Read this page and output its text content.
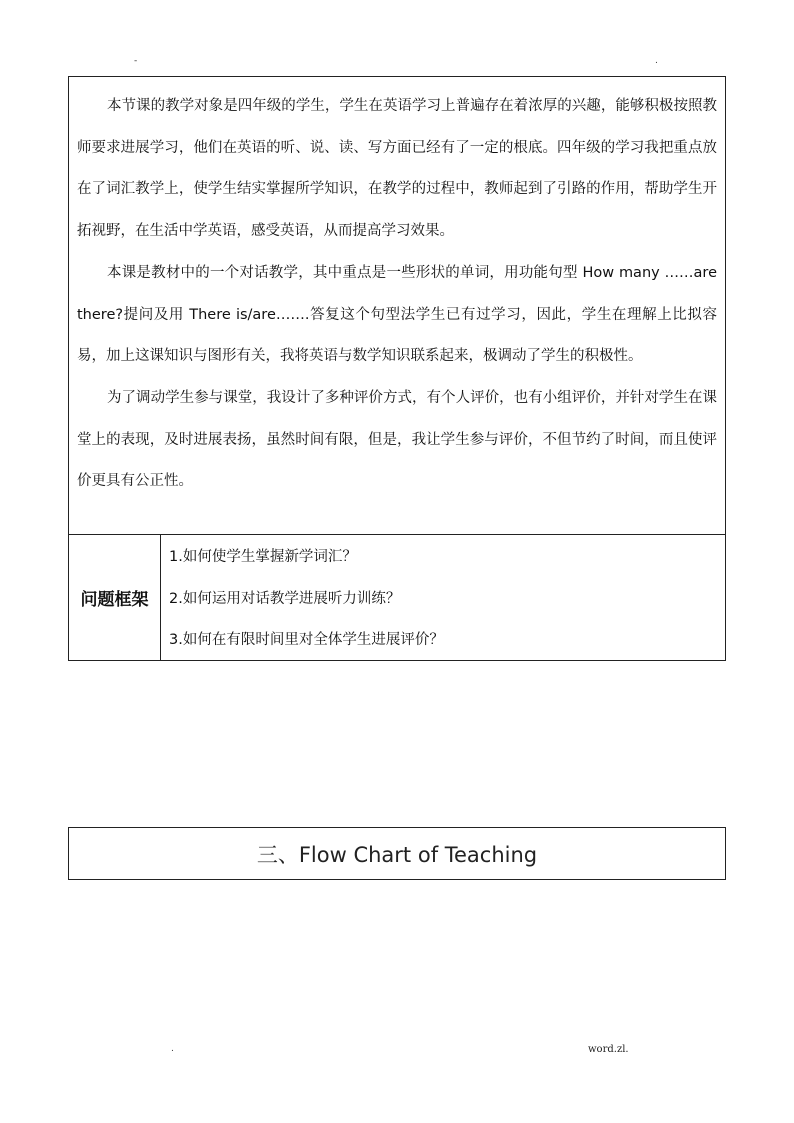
-	.

本节课的教学对象是四年级的学生，学生在英语学习上普遍存在着浓厚的兴趣，能够积极按照教师要求进展学习，他们在英语的听、说、读、写方面已经有了一定的根底。四年级的学习我把重点放在了词汇教学上，使学生结实掌握所学知识，在教学的过程中，教师起到了引路的作用，帮助学生开拓视野，在生活中学英语，感受英语，从而提高学习效果。

本课是教材中的一个对话教学，其中重点是一些形状的单词，用功能句型 How many ……are there?提问及用 There is/are…….答复这个句型法学生已有过学习，因此，学生在理解上比拟容易，加上这课知识与图形有关，我将英语与数学知识联系起来，极调动了学生的积极性。

为了调动学生参与课堂，我设计了多种评价方式，有个人评价，也有小组评价，并针对学生在课堂上的表现，及时进展表扬，虽然时间有限，但是，我让学生参与评价，不但节约了时间，而且使评价更具有公正性。

问题框架
1.如何使学生掌握新学词汇？
2.如何运用对话教学进展听力训练？
3.如何在有限时间里对全体学生进展评价？
三、Flow Chart of Teaching
.	word.zl.
